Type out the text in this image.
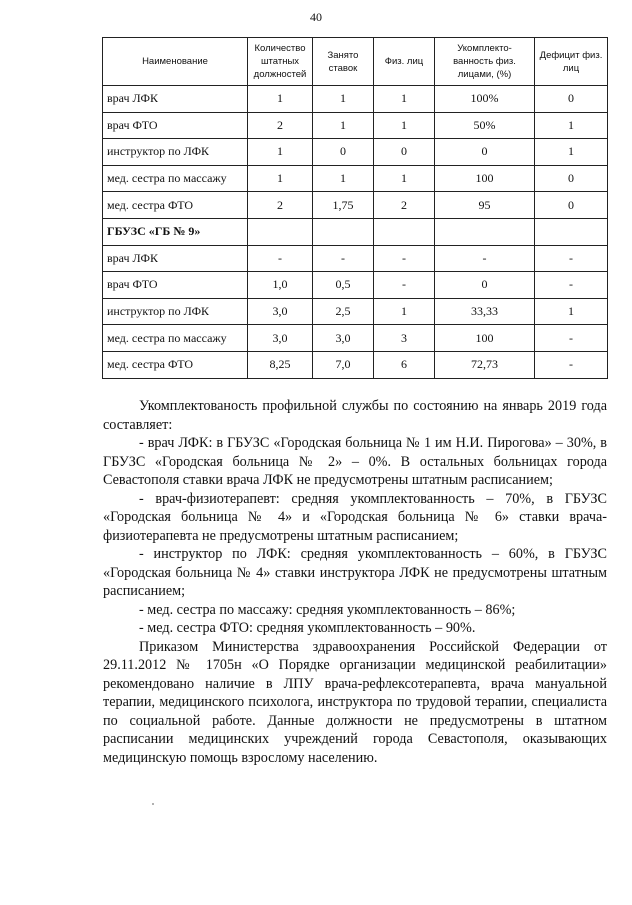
40
Наименование	Количество штатных должностей	Занято ставок	Физ. лиц	Укомплекто-ванность физ. лицами, (%)	Дефицит физ. лиц
врач ЛФК	1	1	1	100%	0
врач ФТО	2	1	1	50%	1
инструктор по ЛФК	1	0	0	0	1
мед. сестра по массажу	1	1	1	100	0
мед. сестра ФТО	2	1,75	2	95	0
ГБУЗС «ГБ № 9»					
врач ЛФК	-	-	-	-	-
врач ФТО	1,0	0,5	-	0	-
инструктор по ЛФК	3,0	2,5	1	33,33	1
мед. сестра по массажу	3,0	3,0	3	100	-
мед. сестра ФТО	8,25	7,0	6	72,73	-

Укомплектованость профильной службы по состоянию на январь 2019 года составляет:

- врач ЛФК: в ГБУЗС «Городская больница № 1 им Н.И. Пирогова» – 30%, в ГБУЗС «Городская больница № 2» – 0%. В остальных больницах города Севастополя ставки врача ЛФК не предусмотрены штатным расписанием;

- врач-физиотерапевт: средняя укомплектованность – 70%, в ГБУЗС «Городская больница № 4» и «Городская больница № 6» ставки врача-физиотерапевта не предусмотрены штатным расписанием;

- инструктор по ЛФК: средняя укомплектованность – 60%, в ГБУЗС «Городская больница № 4» ставки инструктора ЛФК не предусмотрены штатным расписанием;

- мед. сестра по массажу: средняя укомплектованность – 86%;

- мед. сестра ФТО: средняя укомплектованность – 90%.

Приказом Министерства здравоохранения Российской Федерации от 29.11.2012 № 1705н «О Порядке организации медицинской реабилитации» рекомендовано наличие в ЛПУ врача-рефлексотерапевта, врача мануальной терапии, медицинского психолога, инструктора по трудовой терапии, специалиста по социальной работе. Данные должности не предусмотрены в штатном расписании медицинских учреждений города Севастополя, оказывающих медицинскую помощь взрослому населению.
